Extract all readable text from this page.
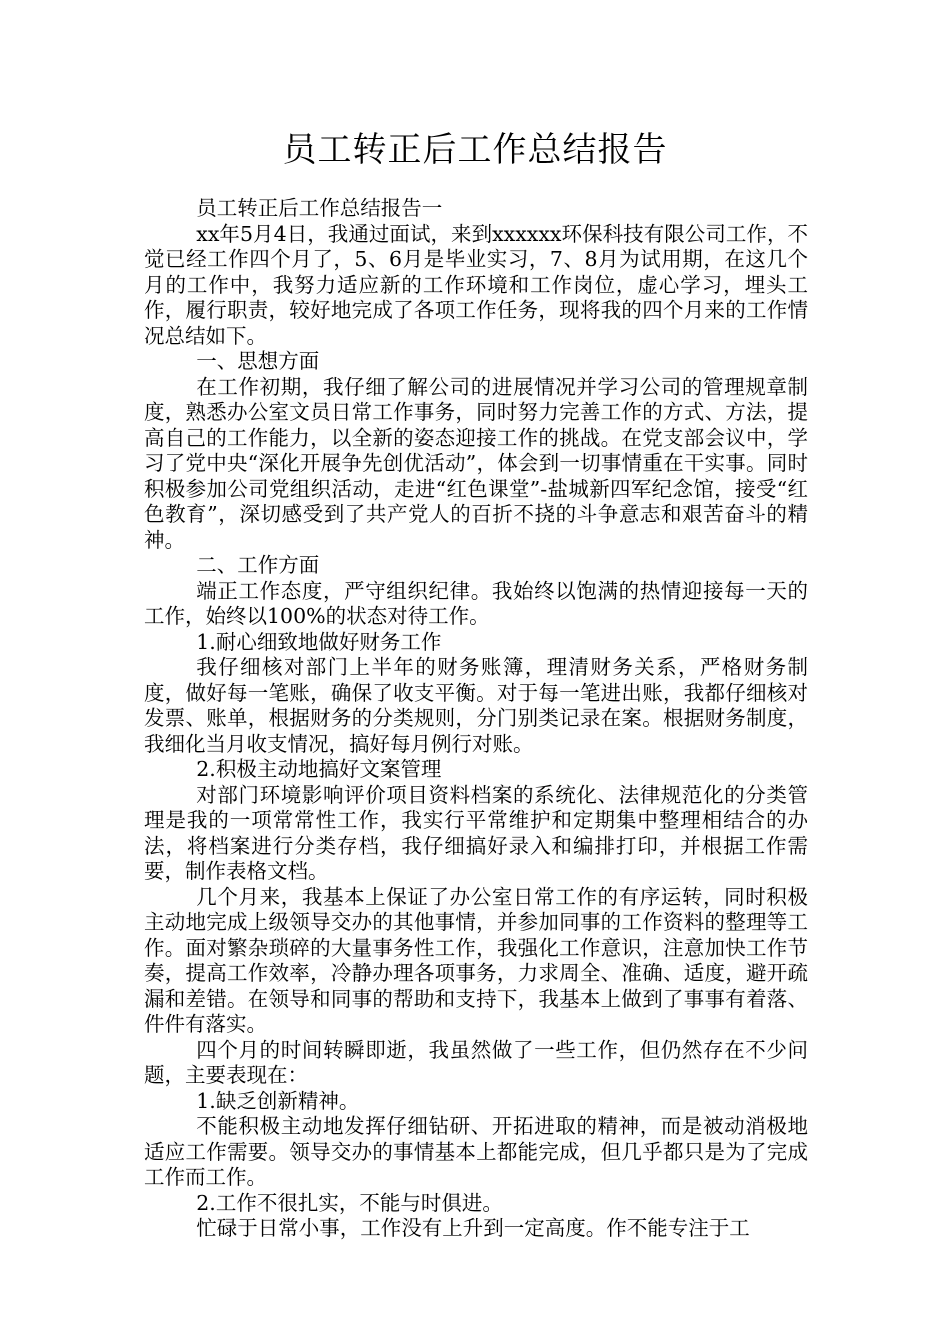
员工转正后工作总结报告

员工转正后工作总结报告一

xx年5月4日，我通过面试，来到xxxxxx环保科技有限公司工作，不觉已经工作四个月了，5、6月是毕业实习，7、8月为试用期，在这几个月的工作中，我努力适应新的工作环境和工作岗位，虚心学习，埋头工作，履行职责，较好地完成了各项工作任务，现将我的四个月来的工作情况总结如下。

一、思想方面

在工作初期，我仔细了解公司的进展情况并学习公司的管理规章制度，熟悉办公室文员日常工作事务，同时努力完善工作的方式、方法，提高自己的工作能力，以全新的姿态迎接工作的挑战。在党支部会议中，学习了党中央“深化开展争先创优活动”，体会到一切事情重在干实事。同时积极参加公司党组织活动，走进“红色课堂”-盐城新四军纪念馆，接受“红色教育”，深切感受到了共产党人的百折不挠的斗争意志和艰苦奋斗的精神。

二、工作方面

端正工作态度，严守组织纪律。我始终以饱满的热情迎接每一天的工作，始终以100%的状态对待工作。

1.耐心细致地做好财务工作

我仔细核对部门上半年的财务账簿，理清财务关系，严格财务制度，做好每一笔账，确保了收支平衡。对于每一笔进出账，我都仔细核对发票、账单，根据财务的分类规则，分门别类记录在案。根据财务制度，我细化当月收支情况，搞好每月例行对账。

2.积极主动地搞好文案管理

对部门环境影响评价项目资料档案的系统化、法律规范化的分类管理是我的一项常常性工作，我实行平常维护和定期集中整理相结合的办法，将档案进行分类存档，我仔细搞好录入和编排打印，并根据工作需要，制作表格文档。

几个月来，我基本上保证了办公室日常工作的有序运转，同时积极主动地完成上级领导交办的其他事情，并参加同事的工作资料的整理等工作。面对繁杂琐碎的大量事务性工作，我强化工作意识，注意加快工作节奏，提高工作效率，冷静办理各项事务，力求周全、准确、适度，避开疏漏和差错。在领导和同事的帮助和支持下，我基本上做到了事事有着落、件件有落实。

四个月的时间转瞬即逝，我虽然做了一些工作，但仍然存在不少问题，主要表现在：

1.缺乏创新精神。

不能积极主动地发挥仔细钻研、开拓进取的精神，而是被动消极地适应工作需要。领导交办的事情基本上都能完成，但几乎都只是为了完成工作而工作。

2.工作不很扎实，不能与时俱进。

忙碌于日常小事，工作没有上升到一定高度。作不能专注于工
